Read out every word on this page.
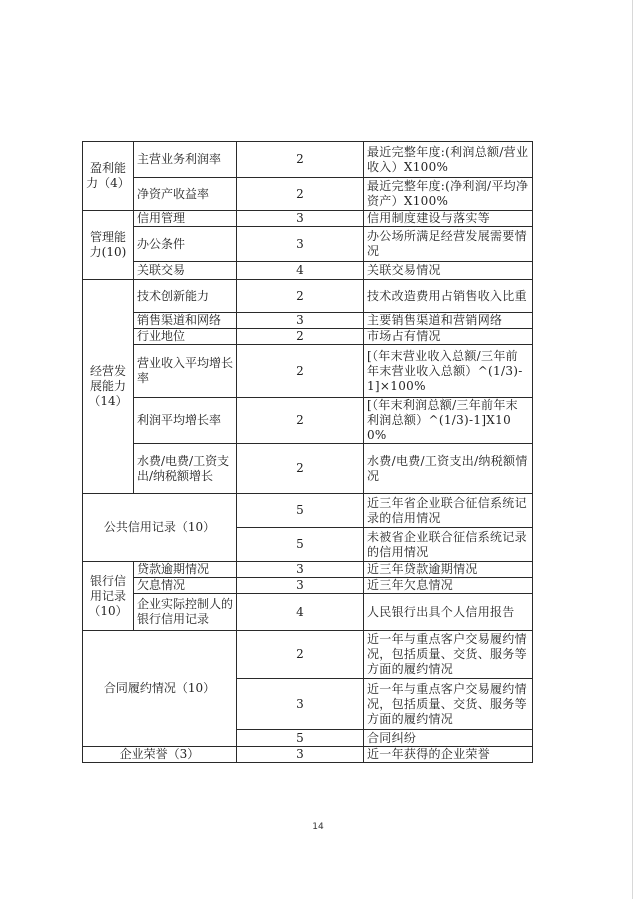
盈利能力（4）	主营业务利润率	2	最近完整年度:(利润总额/营业收入）X100%
	净资产收益率	2	最近完整年度:(净利润/平均净资产）X100%
管理能力(10)	信用管理	3	信用制度建设与落实等
	办公条件	3	办公场所满足经营发展需要情况
	关联交易	4	关联交易情况
经营发展能力（14）	技术创新能力	2	技术改造费用占销售收入比重
	销售渠道和网络	3	主要销售渠道和营销网络
	行业地位	2	市场占有情况
	营业收入平均增长率	2	[（年末营业收入总额/三年前年末营业收入总额）^(1/3)-1]×100%
	利润平均增长率	2	[（年末利润总额/三年前年末利润总额）^(1/3)-1]X100%
	水费/电费/工资支出/纳税额增长	2	水费/电费/工资支出/纳税额情况
公共信用记录（10）		5	近三年省企业联合征信系统记录的信用情况
		5	未被省企业联合征信系统记录的信用情况
银行信用记录（10）	贷款逾期情况	3	近三年贷款逾期情况
	欠息情况	3	近三年欠息情况
	企业实际控制人的银行信用记录	4	人民银行出具个人信用报告
合同履约情况（10）		2	近一年与重点客户交易履约情况，包括质量、交货、服务等方面的履约情况
		3	近一年与重点客户交易履约情况，包括质量、交货、服务等方面的履约情况
		5	合同纠纷
企业荣誉（3）		3	近一年获得的企业荣誉
14
